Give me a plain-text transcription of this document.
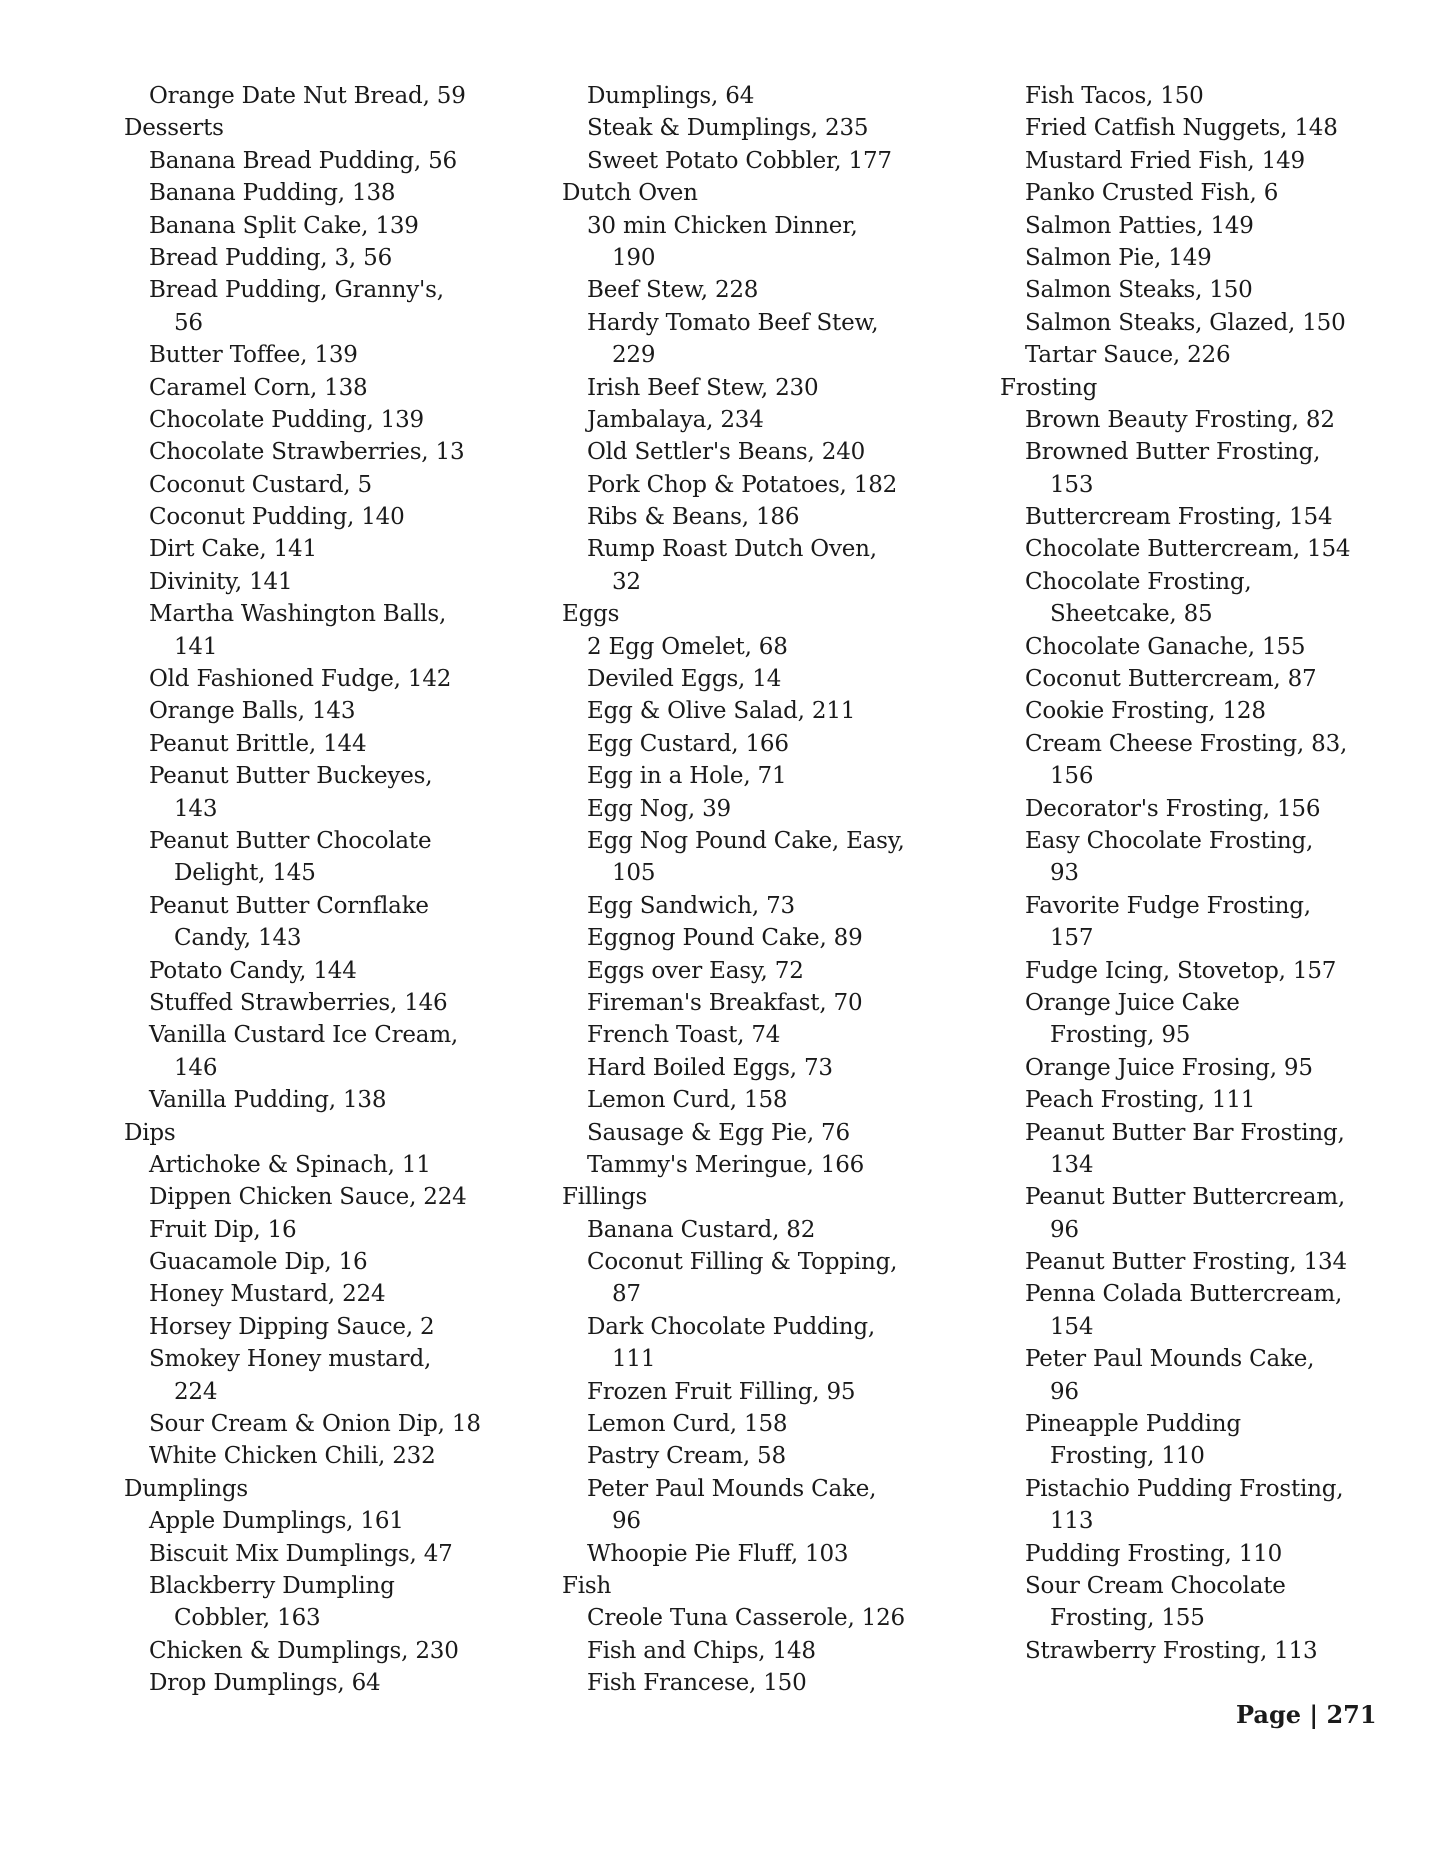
Orange Date Nut Bread, 59
Desserts
Banana Bread Pudding, 56
Banana Pudding, 138
Banana Split Cake, 139
Bread Pudding, 3, 56
Bread Pudding, Granny's,
56
Butter Toffee, 139
Caramel Corn, 138
Chocolate Pudding, 139
Chocolate Strawberries, 13
Coconut Custard, 5
Coconut Pudding, 140
Dirt Cake, 141
Divinity, 141
Martha Washington Balls,
141
Old Fashioned Fudge, 142
Orange Balls, 143
Peanut Brittle, 144
Peanut Butter Buckeyes,
143
Peanut Butter Chocolate
Delight, 145
Peanut Butter Cornflake
Candy, 143
Potato Candy, 144
Stuffed Strawberries, 146
Vanilla Custard Ice Cream,
146
Vanilla Pudding, 138
Dips
Artichoke & Spinach, 11
Dippen Chicken Sauce, 224
Fruit Dip, 16
Guacamole Dip, 16
Honey Mustard, 224
Horsey Dipping Sauce, 2
Smokey Honey mustard,
224
Sour Cream & Onion Dip, 18
White Chicken Chili, 232
Dumplings
Apple Dumplings, 161
Biscuit Mix Dumplings, 47
Blackberry Dumpling
Cobbler, 163
Chicken & Dumplings, 230
Drop Dumplings, 64
Dumplings, 64
Steak & Dumplings, 235
Sweet Potato Cobbler, 177
Dutch Oven
30 min Chicken Dinner,
190
Beef Stew, 228
Hardy Tomato Beef Stew,
229
Irish Beef Stew, 230
Jambalaya, 234
Old Settler's Beans, 240
Pork Chop & Potatoes, 182
Ribs & Beans, 186
Rump Roast Dutch Oven,
32
Eggs
2 Egg Omelet, 68
Deviled Eggs, 14
Egg & Olive Salad, 211
Egg Custard, 166
Egg in a Hole, 71
Egg Nog, 39
Egg Nog Pound Cake, Easy,
105
Egg Sandwich, 73
Eggnog Pound Cake, 89
Eggs over Easy, 72
Fireman's Breakfast, 70
French Toast, 74
Hard Boiled Eggs, 73
Lemon Curd, 158
Sausage & Egg Pie, 76
Tammy's Meringue, 166
Fillings
Banana Custard, 82
Coconut Filling & Topping,
87
Dark Chocolate Pudding,
111
Frozen Fruit Filling, 95
Lemon Curd, 158
Pastry Cream, 58
Peter Paul Mounds Cake,
96
Whoopie Pie Fluff, 103
Fish
Creole Tuna Casserole, 126
Fish and Chips, 148
Fish Francese, 150
Fish Tacos, 150
Fried Catfish Nuggets, 148
Mustard Fried Fish, 149
Panko Crusted Fish, 6
Salmon Patties, 149
Salmon Pie, 149
Salmon Steaks, 150
Salmon Steaks, Glazed, 150
Tartar Sauce, 226
Frosting
Brown Beauty Frosting, 82
Browned Butter Frosting,
153
Buttercream Frosting, 154
Chocolate Buttercream, 154
Chocolate Frosting,
Sheetcake, 85
Chocolate Ganache, 155
Coconut Buttercream, 87
Cookie Frosting, 128
Cream Cheese Frosting, 83,
156
Decorator's Frosting, 156
Easy Chocolate Frosting,
93
Favorite Fudge Frosting,
157
Fudge Icing, Stovetop, 157
Orange Juice Cake
Frosting, 95
Orange Juice Frosing, 95
Peach Frosting, 111
Peanut Butter Bar Frosting,
134
Peanut Butter Buttercream,
96
Peanut Butter Frosting, 134
Penna Colada Buttercream,
154
Peter Paul Mounds Cake,
96
Pineapple Pudding
Frosting, 110
Pistachio Pudding Frosting,
113
Pudding Frosting, 110
Sour Cream Chocolate
Frosting, 155
Strawberry Frosting, 113
Page | 271
